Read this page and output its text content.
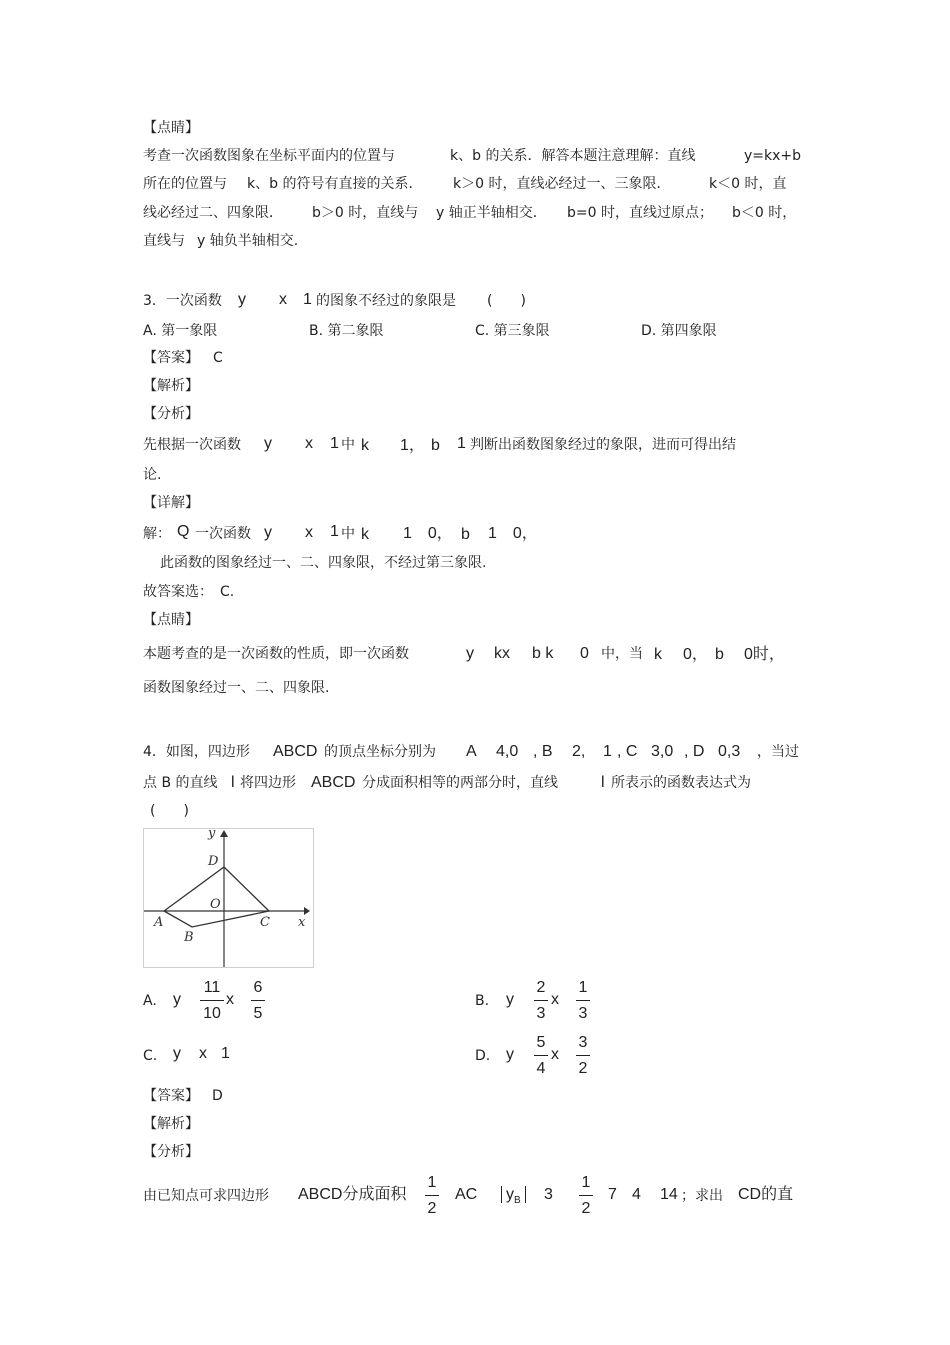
【点睛】
考查一次函数图象在坐标平面内的位置与	k、b 的关系．解答本题注意理解：直线	y=kx+b
所在的位置与 k、b 的符号有直接的关系． k＞0 时，直线必经过一、三象限．	k＜0 时，直
线必经过二、四象限． b＞0 时，直线与 y 轴正半轴相交． b=0 时，直线过原点； b＜0 时，
直线与 y 轴负半轴相交.
3．一次函数 y x 1 的图象不经过的象限是 (　　)
A. 第一象限	B. 第二象限	C. 第三象限	D. 第四象限
【答案】 C
【解析】
【分析】
先根据一次函数 y x 1 中 k 1， b 1 判断出函数图象经过的象限，进而可得出结
论.
【详解】
解： Q 一次函数 y x 1 中 k 1　0， b 1　0，
此函数的图象经过一、二、四象限，不经过第三象限.
故答案选：　C.
【点睛】
本题考查的是一次函数的性质，即一次函数	y kx b k 0 中，当 k 0， b 0时，
函数图象经过一、二、四象限.
4．如图，四边形 ABCD 的顶点坐标分别为 A 4,0 , B 2, 1 , C 3,0 , D 0,3 ，当过
点 B 的直线 l 将四边形 ABCD 分成面积相等的两部分时，直线	l 所表示的函数表达式为
(　　)
y
x
D
O
A
B
C
A. y
11
10
x
6
5
B. y
2
3
x
1
3
C. y x 1	D. y
5
4
x
3
2
【答案】 D
【解析】
【分析】
由已知点可求四边形 ABCD分成面积
1
2
AC	$y_B$	3
1
2
7 4 14 ；求出 CD的直
